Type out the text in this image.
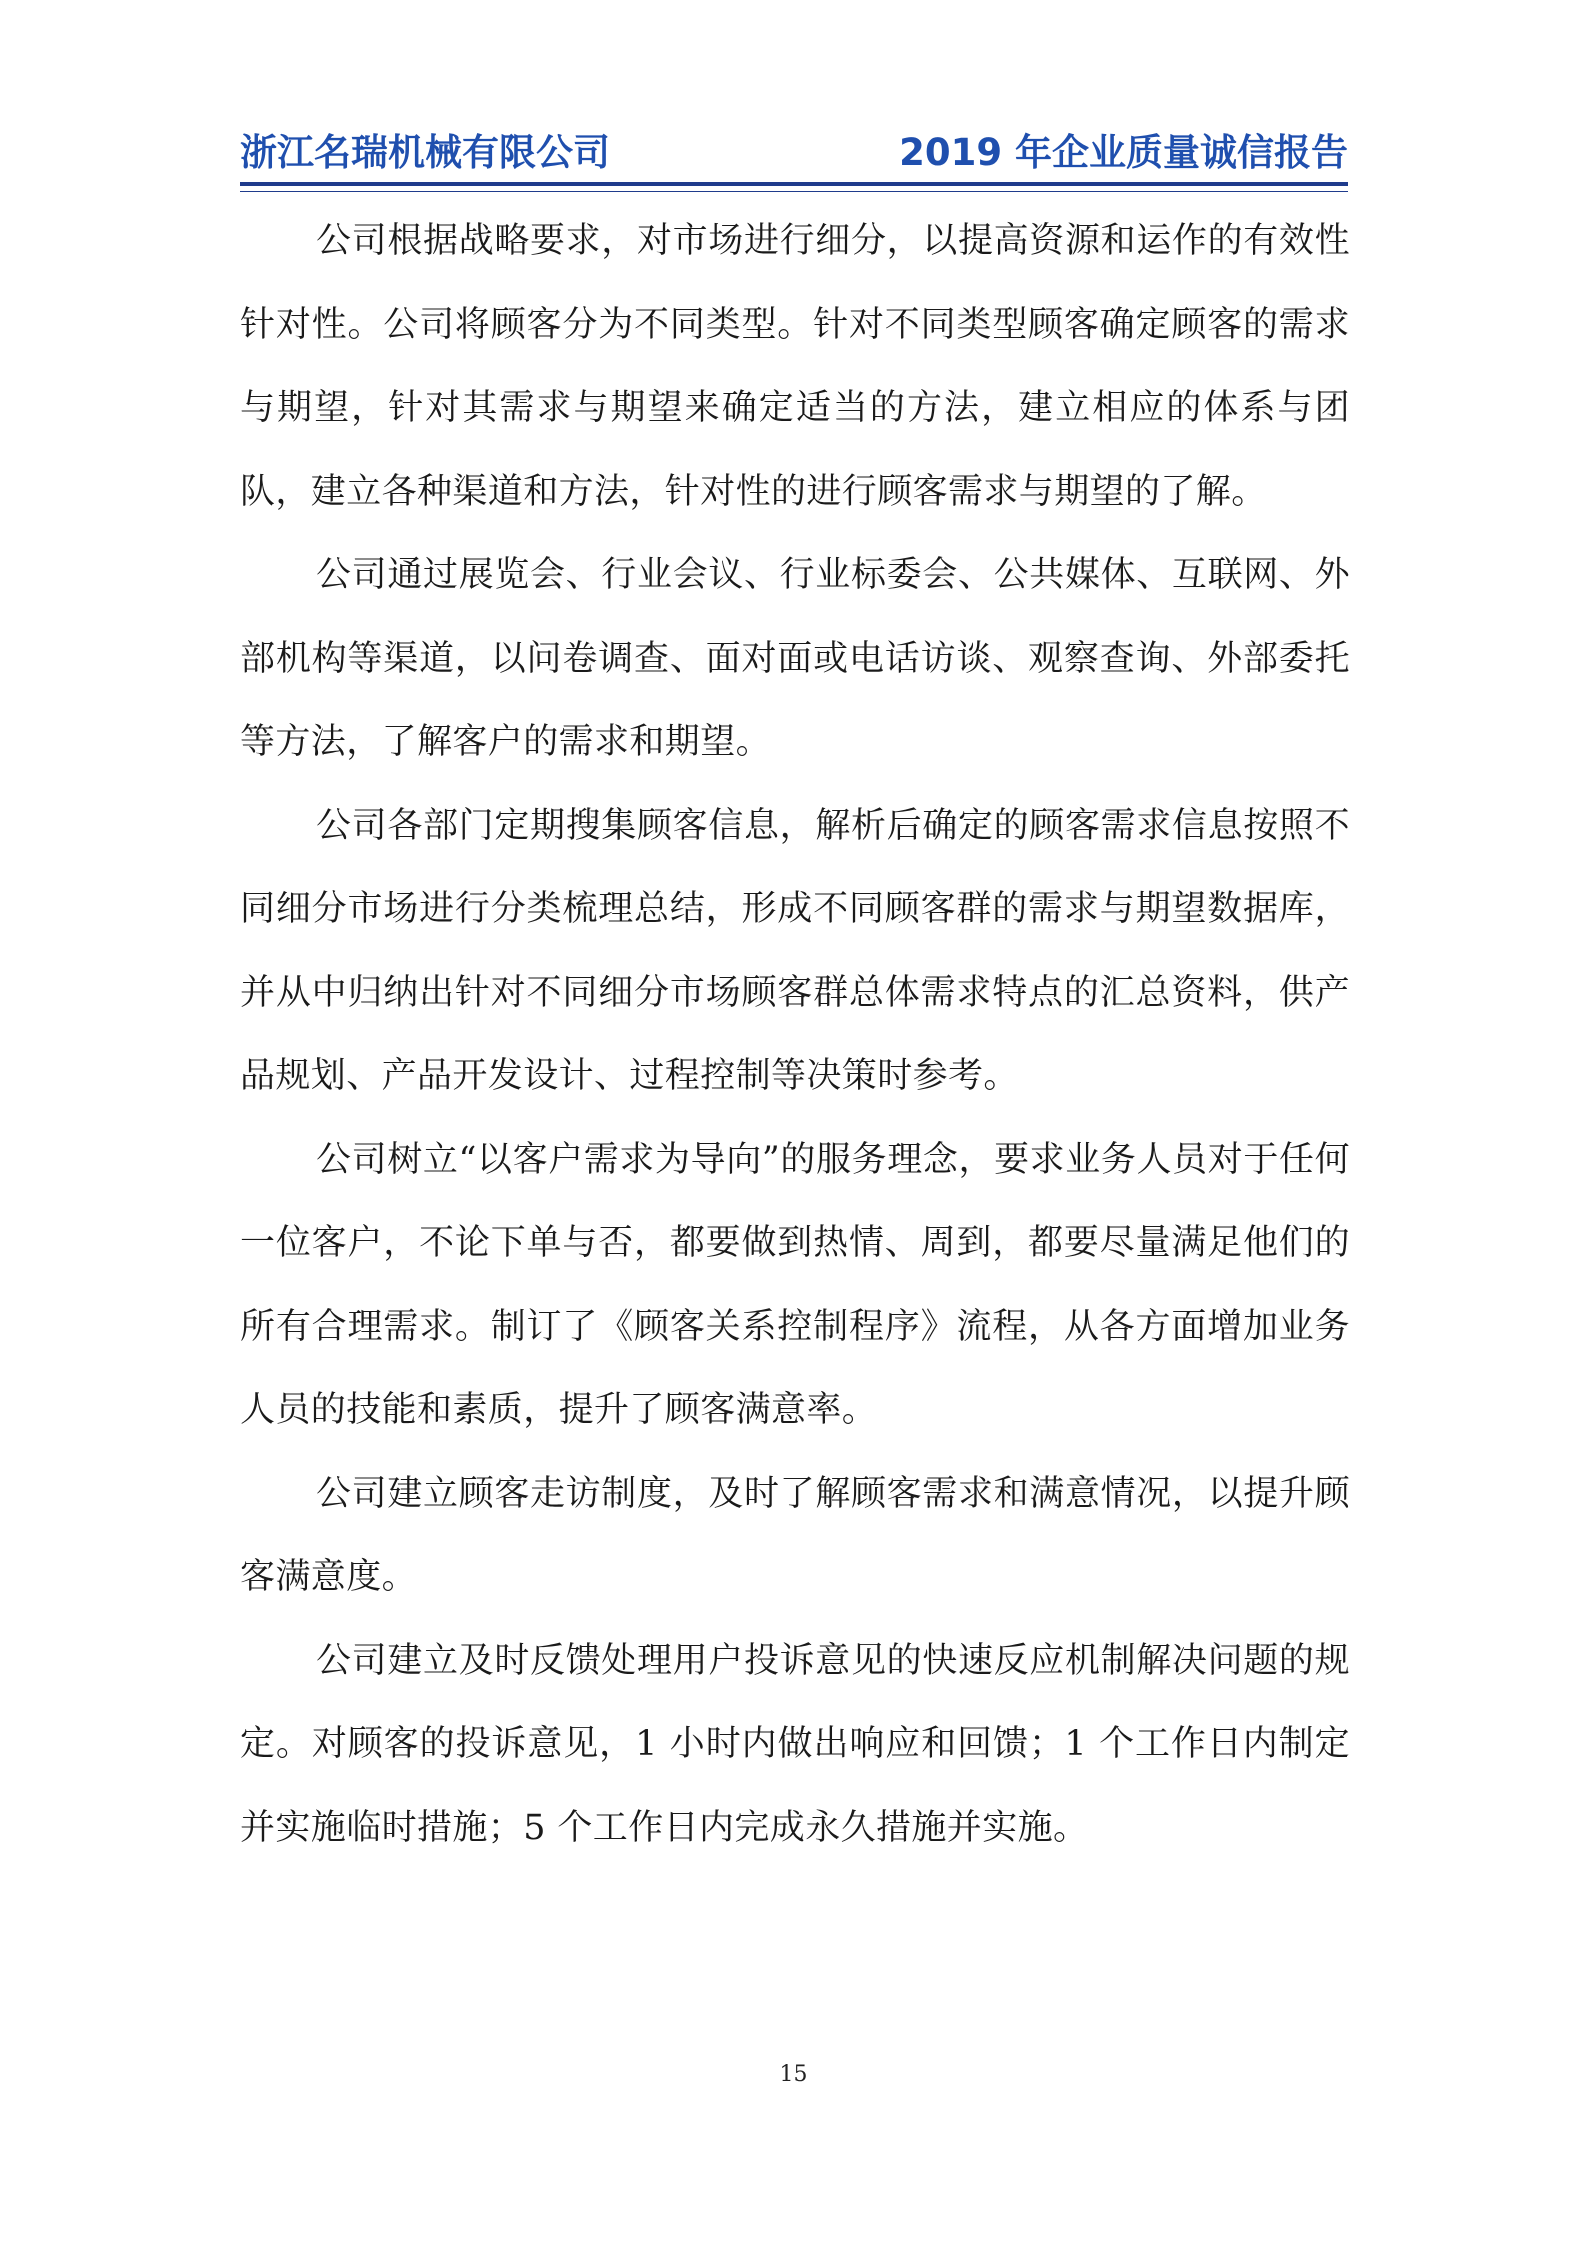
浙江名瑞机械有限公司	2019 年企业质量诚信报告

公司根据战略要求，对市场进行细分，以提高资源和运作的有效性针对性。公司将顾客分为不同类型。针对不同类型顾客确定顾客的需求与期望，针对其需求与期望来确定适当的方法，建立相应的体系与团队，建立各种渠道和方法，针对性的进行顾客需求与期望的了解。

公司通过展览会、行业会议、行业标委会、公共媒体、互联网、外部机构等渠道，以问卷调查、面对面或电话访谈、观察查询、外部委托等方法，了解客户的需求和期望。

公司各部门定期搜集顾客信息，解析后确定的顾客需求信息按照不同细分市场进行分类梳理总结，形成不同顾客群的需求与期望数据库，并从中归纳出针对不同细分市场顾客群总体需求特点的汇总资料，供产品规划、产品开发设计、过程控制等决策时参考。

公司树立“以客户需求为导向”的服务理念，要求业务人员对于任何一位客户，不论下单与否，都要做到热情、周到，都要尽量满足他们的所有合理需求。制订了《顾客关系控制程序》流程，从各方面增加业务人员的技能和素质，提升了顾客满意率。

公司建立顾客走访制度，及时了解顾客需求和满意情况，以提升顾客满意度。

公司建立及时反馈处理用户投诉意见的快速反应机制解决问题的规定。对顾客的投诉意见，1 小时内做出响应和回馈；1 个工作日内制定并实施临时措施；5 个工作日内完成永久措施并实施。

15
